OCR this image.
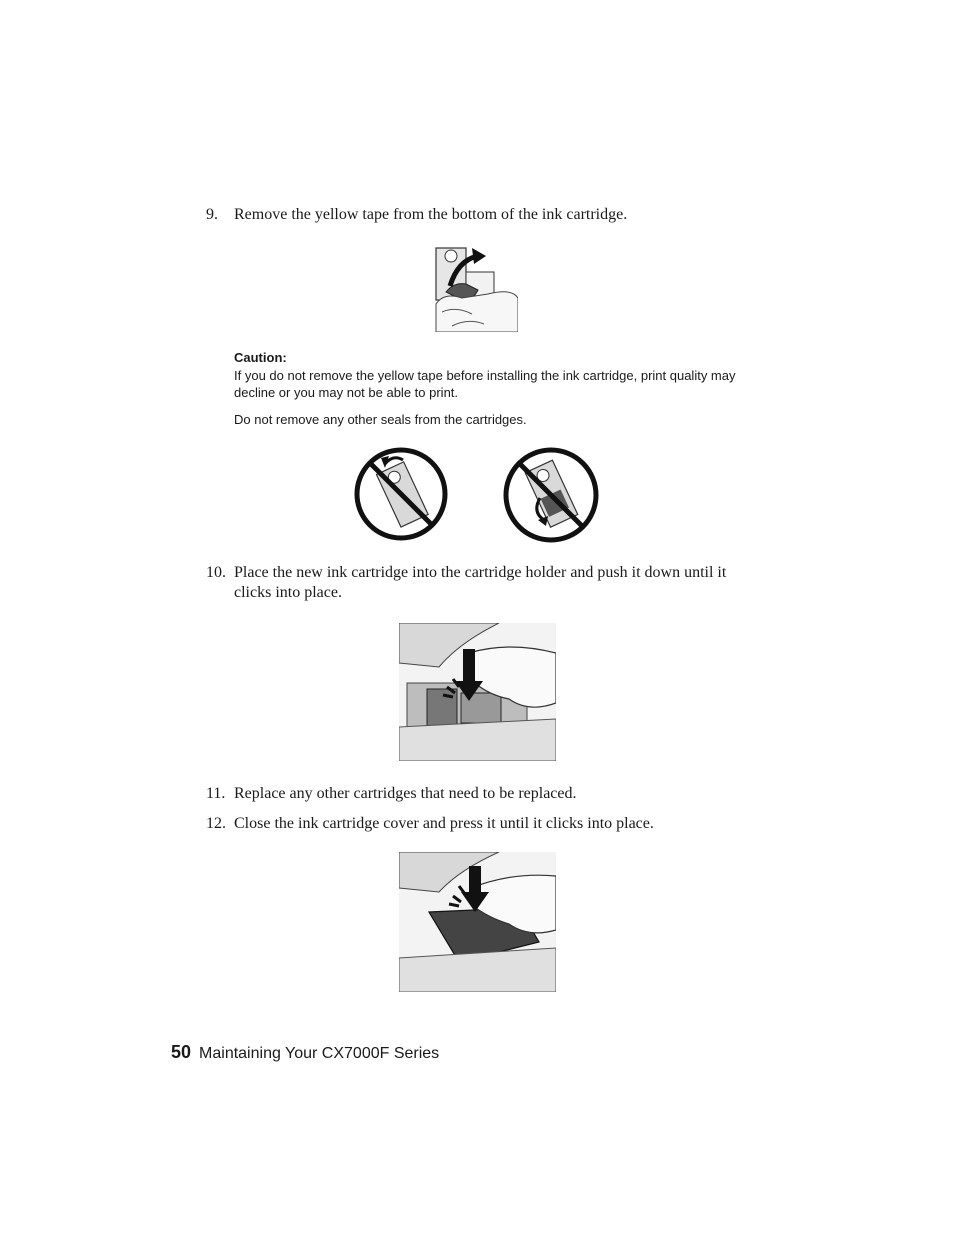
9. Remove the yellow tape from the bottom of the ink cartridge.
Caution:
If you do not remove the yellow tape before installing the ink cartridge, print quality may decline or you may not be able to print.
Do not remove any other seals from the cartridges.
10. Place the new ink cartridge into the cartridge holder and push it down until it clicks into place.
11. Replace any other cartridges that need to be replaced.
12. Close the ink cartridge cover and press it until it clicks into place.
50 Maintaining Your CX7000F Series
